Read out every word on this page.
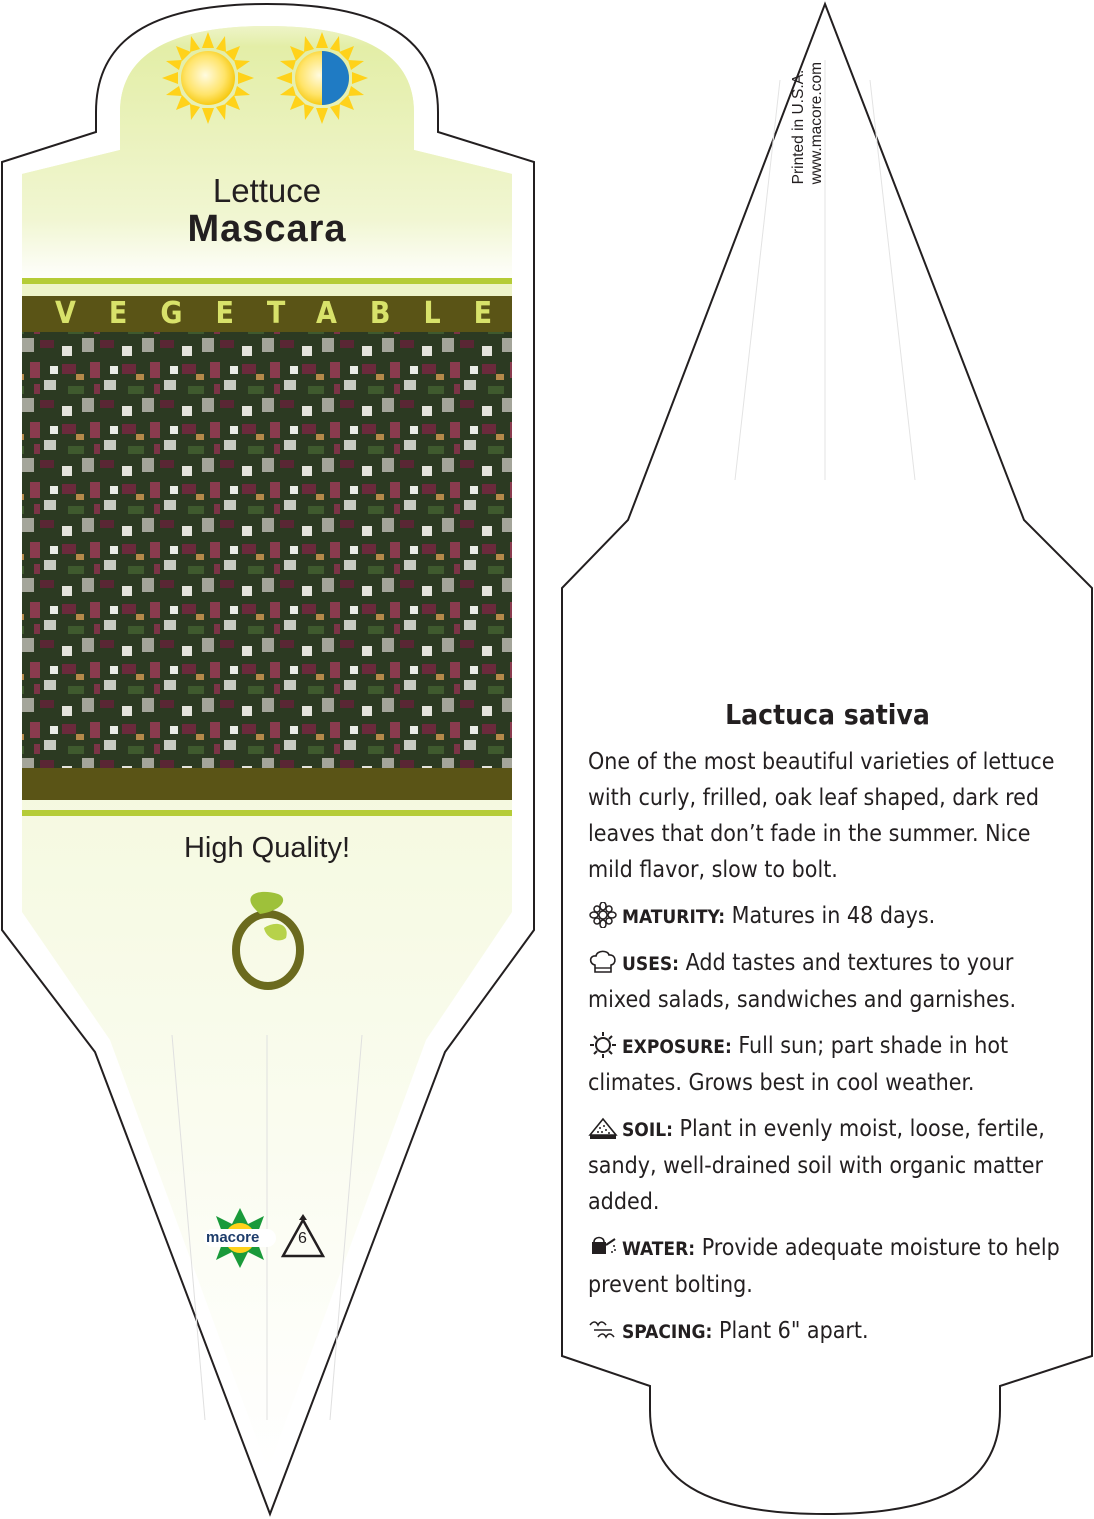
Lettuce
Mascara
VEGETABLE
High Quality!
macore 6
Printed in U.S.A. www.macore.com
Lactuca sativa

One of the most beautiful varieties of lettuce with curly, frilled, oak leaf shaped, dark red leaves that don’t fade in the summer. Nice mild flavor, slow to bolt.

MATURITY: Matures in 48 days.

USES: Add tastes and textures to your mixed salads, sandwiches and garnishes.

EXPOSURE: Full sun; part shade in hot climates. Grows best in cool weather.

SOIL: Plant in evenly moist, loose, fertile, sandy, well-drained soil with organic matter added.

WATER: Provide adequate moisture to help prevent bolting.

SPACING: Plant 6" apart.
